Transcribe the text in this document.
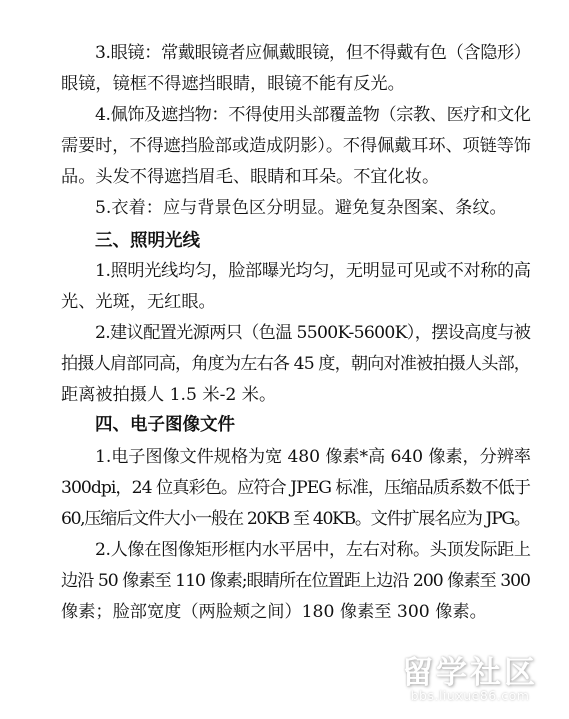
3.眼镜：常戴眼镜者应佩戴眼镜，但不得戴有色（含隐形）
眼镜，镜框不得遮挡眼睛，眼镜不能有反光。
4.佩饰及遮挡物：不得使用头部覆盖物（宗教、医疗和文化
需要时，不得遮挡脸部或造成阴影）。不得佩戴耳环、项链等饰
品。头发不得遮挡眉毛、眼睛和耳朵。不宜化妆。
5.衣着：应与背景色区分明显。避免复杂图案、条纹。
三、照明光线
1.照明光线均匀，脸部曝光均匀，无明显可见或不对称的高
光、光斑，无红眼。
2.建议配置光源两只（色温 5500K-5600K），摆设高度与被
拍摄人肩部同高，角度为左右各 45 度，朝向对准被拍摄人头部，
距离被拍摄人 1.5 米-2 米。
四、电子图像文件
1.电子图像文件规格为宽 480 像素*高 640 像素，分辨率
300dpi，24 位真彩色。应符合 JPEG 标准，压缩品质系数不低于
60,压缩后文件大小一般在 20KB 至 40KB。文件扩展名应为 JPG。
2.人像在图像矩形框内水平居中，左右对称。头顶发际距上
边沿 50 像素至 110 像素;眼睛所在位置距上边沿 200 像素至 300
像素；脸部宽度（两脸颊之间）180 像素至 300 像素。
留学社区
bbs.liuxue86.com
